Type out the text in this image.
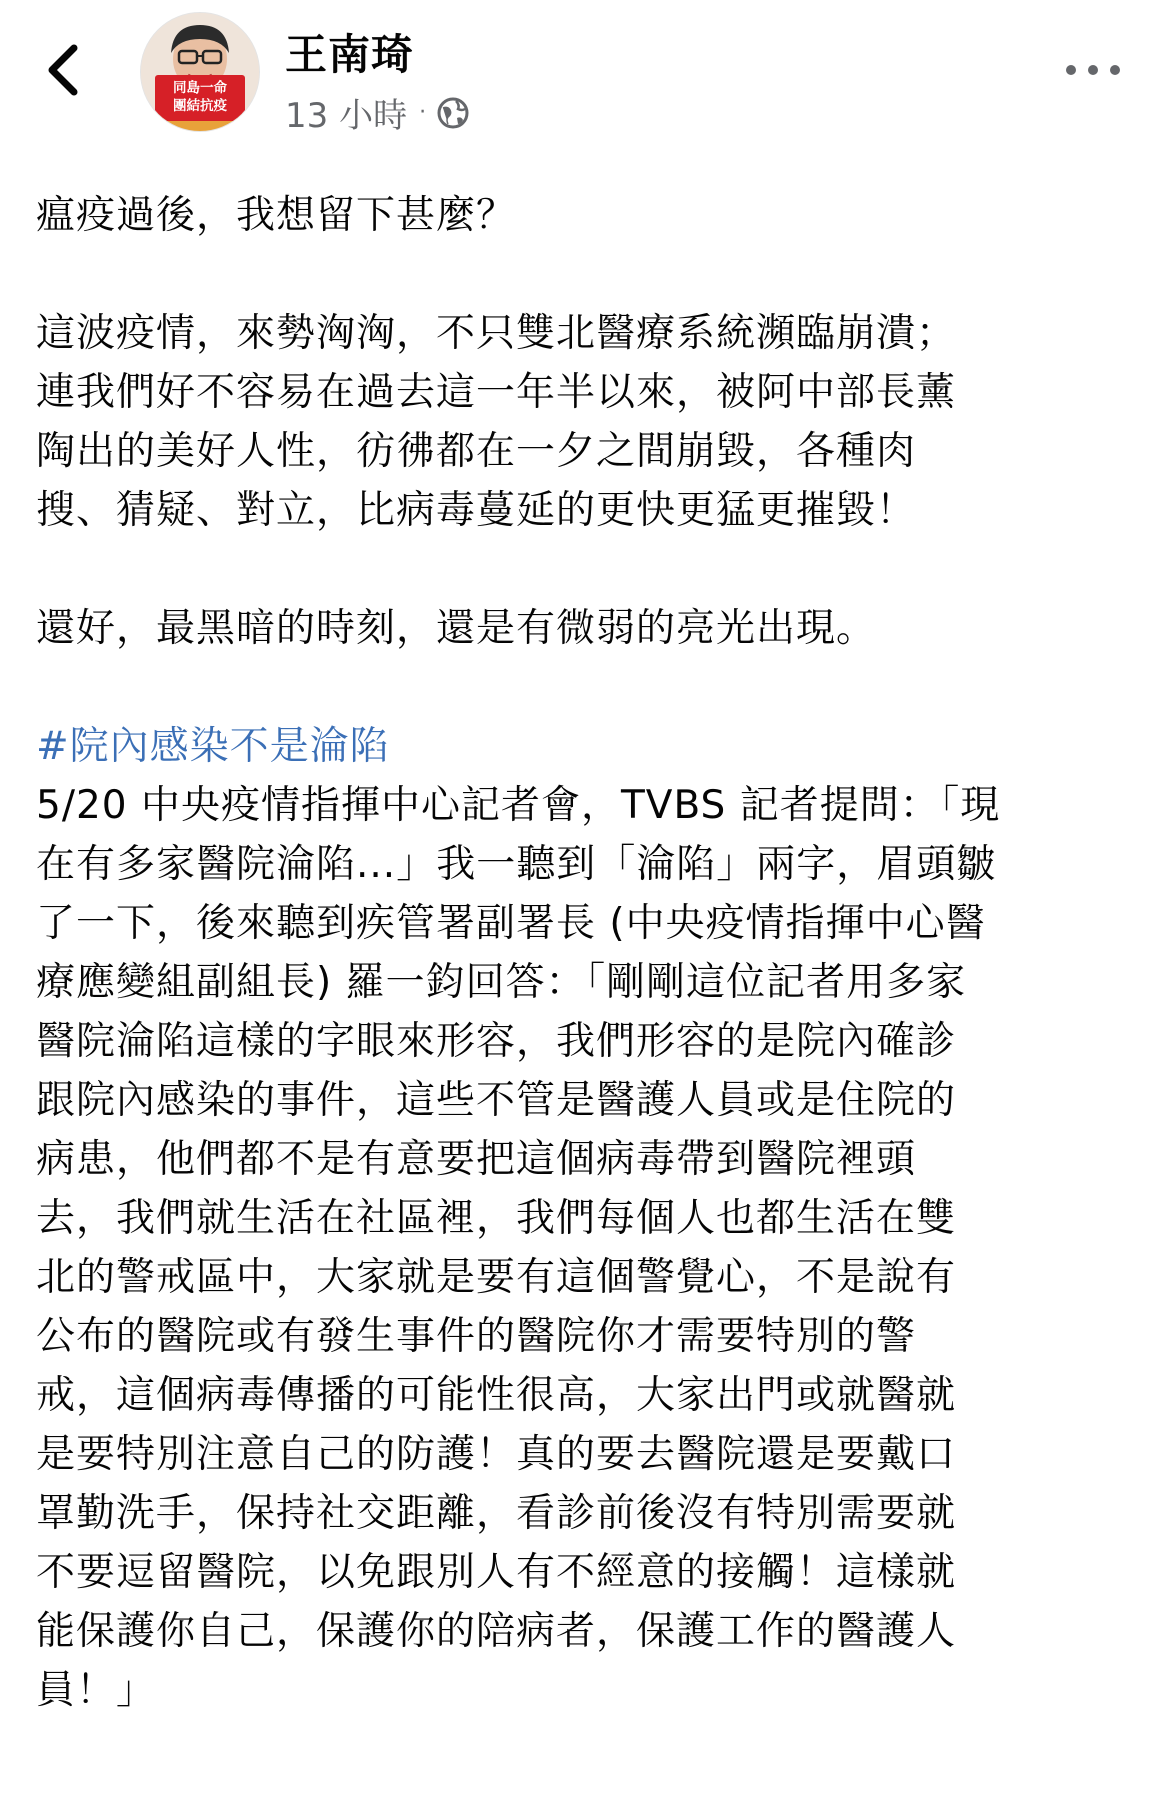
同島一命
團結抗疫
王南琦
13 小時 ·

瘟疫過後，我想留下甚麼？

這波疫情，來勢洶洶，不只雙北醫療系統瀕臨崩潰；
連我們好不容易在過去這一年半以來，被阿中部長薰
陶出的美好人性，彷彿都在一夕之間崩毀，各種肉
搜、猜疑、對立，比病毒蔓延的更快更猛更摧毀！

還好，最黑暗的時刻，還是有微弱的亮光出現。

#院內感染不是淪陷

5/20 中央疫情指揮中心記者會，TVBS 記者提問：「現
在有多家醫院淪陷...」我一聽到「淪陷」兩字，眉頭皺
了一下，後來聽到疾管署副署長 (中央疫情指揮中心醫
療應變組副組長) 羅一鈞回答：「剛剛這位記者用多家
醫院淪陷這樣的字眼來形容，我們形容的是院內確診
跟院內感染的事件，這些不管是醫護人員或是住院的
病患，他們都不是有意要把這個病毒帶到醫院裡頭
去，我們就生活在社區裡，我們每個人也都生活在雙
北的警戒區中，大家就是要有這個警覺心，不是說有
公布的醫院或有發生事件的醫院你才需要特別的警
戒，這個病毒傳播的可能性很高，大家出門或就醫就
是要特別注意自己的防護！真的要去醫院還是要戴口
罩勤洗手，保持社交距離，看診前後沒有特別需要就
不要逗留醫院，以免跟別人有不經意的接觸！這樣就
能保護你自己，保護你的陪病者，保護工作的醫護人
員！」
